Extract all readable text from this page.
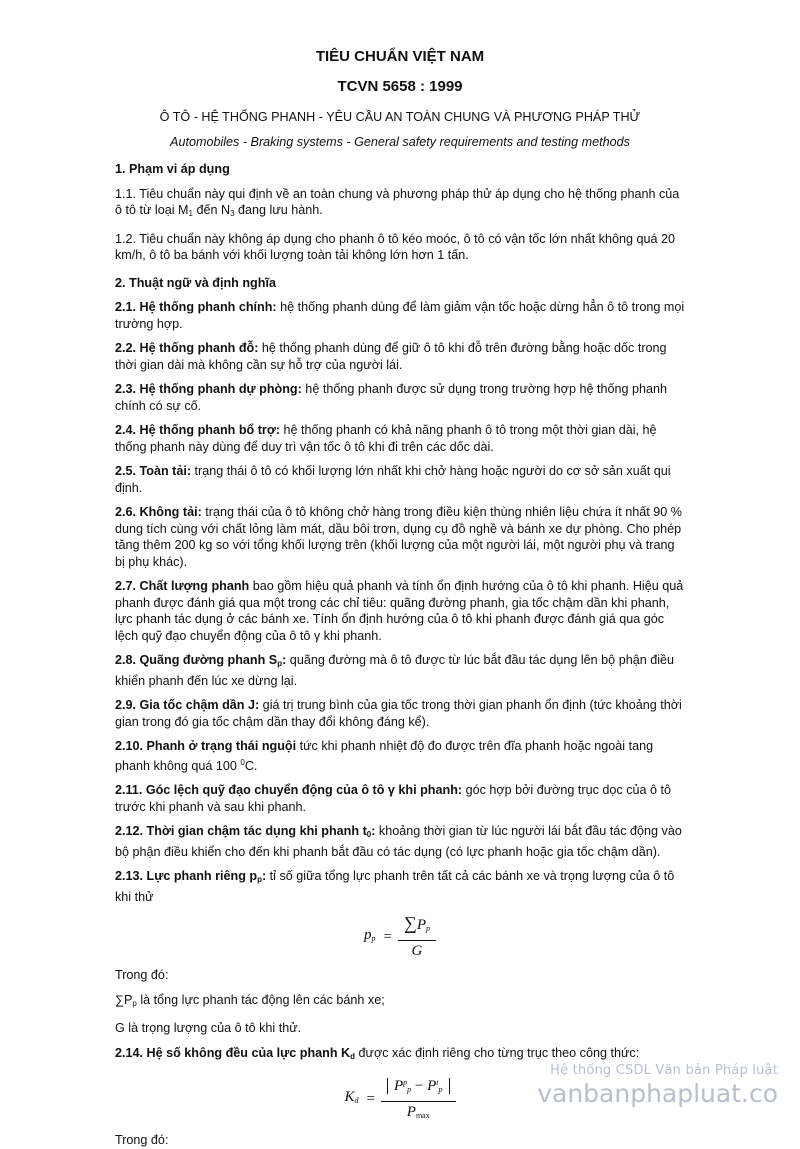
TIÊU CHUẨN VIỆT NAM
TCVN 5658 : 1999
Ô TÔ - HỆ THỐNG PHANH - YÊU CẦU AN TOÀN CHUNG VÀ PHƯƠNG PHÁP THỬ
Automobiles - Braking systems - General safety requirements and testing methods

1. Phạm vi áp dụng

1.1. Tiêu chuẩn này qui định về an toàn chung và phương pháp thử áp dụng cho hệ thống phanh của ô tô từ loại $M_1$ đến $N_3$ đang lưu hành.

1.2. Tiêu chuẩn này không áp dụng cho phanh ô tô kéo moóc, ô tô có vận tốc lớn nhất không quá 20 km/h, ô tô ba bánh với khối lượng toàn tải không lớn hơn 1 tấn.

2. Thuật ngữ và định nghĩa

2.1. Hệ thống phanh chính: hệ thống phanh dùng để làm giảm vận tốc hoặc dừng hẳn ô tô trong mọi trường hợp.

2.2. Hệ thống phanh đỗ: hệ thống phanh dùng để giữ ô tô khi đỗ trên đường bằng hoặc dốc trong thời gian dài mà không cần sự hỗ trợ của người lái.

2.3. Hệ thống phanh dự phòng: hệ thống phanh được sử dụng trong trường hợp hệ thống phanh chính có sự cố.

2.4. Hệ thống phanh bổ trợ: hệ thống phanh có khả năng phanh ô tô trong một thời gian dài, hệ thống phanh này dùng để duy trì vận tốc ô tô khi đi trên các dốc dài.

2.5. Toàn tải: trạng thái ô tô có khối lượng lớn nhất khi chở hàng hoặc người do cơ sở sản xuất qui định.

2.6. Không tải: trạng thái của ô tô không chở hàng trong điều kiện thùng nhiên liệu chứa ít nhất 90 % dung tích cùng với chất lỏng làm mát, dầu bôi trơn, dụng cụ đồ nghề và bánh xe dự phòng. Cho phép tăng thêm 200 kg so với tổng khối lượng trên (khối lượng của một người lái, một người phụ và trang bị phụ khác).

2.7. Chất lượng phanh bao gồm hiệu quả phanh và tính ổn định hướng của ô tô khi phanh. Hiệu quả phanh được đánh giá qua một trong các chỉ tiêu: quãng đường phanh, gia tốc chậm dần khi phanh, lực phanh tác dụng ở các bánh xe. Tính ổn định hướng của ô tô khi phanh được đánh giá qua góc lệch quỹ đạo chuyển động của ô tô γ khi phanh.

2.8. Quãng đường phanh $S_p$: quãng đường mà ô tô được từ lúc bắt đầu tác dụng lên bộ phận điều khiển phanh đến lúc xe dừng lại.

2.9. Gia tốc chậm dần J: giá trị trung bình của gia tốc trong thời gian phanh ổn định (tức khoảng thời gian trong đó gia tốc chậm dần thay đổi không đáng kể).

2.10. Phanh ở trạng thái nguội tức khi phanh nhiệt độ đo được trên đĩa phanh hoặc ngoài tang phanh không quá 100 $^0$C.

2.11. Góc lệch quỹ đạo chuyển động của ô tô γ khi phanh: góc hợp bởi đường trục dọc của ô tô trước khi phanh và sau khi phanh.

2.12. Thời gian chậm tác dụng khi phanh $t_0$: khoảng thời gian từ lúc người lái bắt đầu tác động vào bộ phận điều khiển cho đến khi phanh bắt đầu có tác dụng (có lực phanh hoặc gia tốc chậm dần).

2.13. Lực phanh riêng $p_p$: tỉ số giữa tổng lực phanh trên tất cả các bánh xe và trọng lượng của ô tô khi thử

$p_p = \frac{\sum P_p}{G}$

Trong đó:

$\sum P_p$ là tổng lực phanh tác động lên các bánh xe;

G là trọng lượng của ô tô khi thử.

2.14. Hệ số không đều của lực phanh $K_d$ được xác định riêng cho từng trục theo công thức:

$K_d = \frac{P^p_p - P^t_p}{P_{max}}$

Trong đó:

Hệ thống CSDL Văn bản Pháp luật
vanbanphapluat.co
